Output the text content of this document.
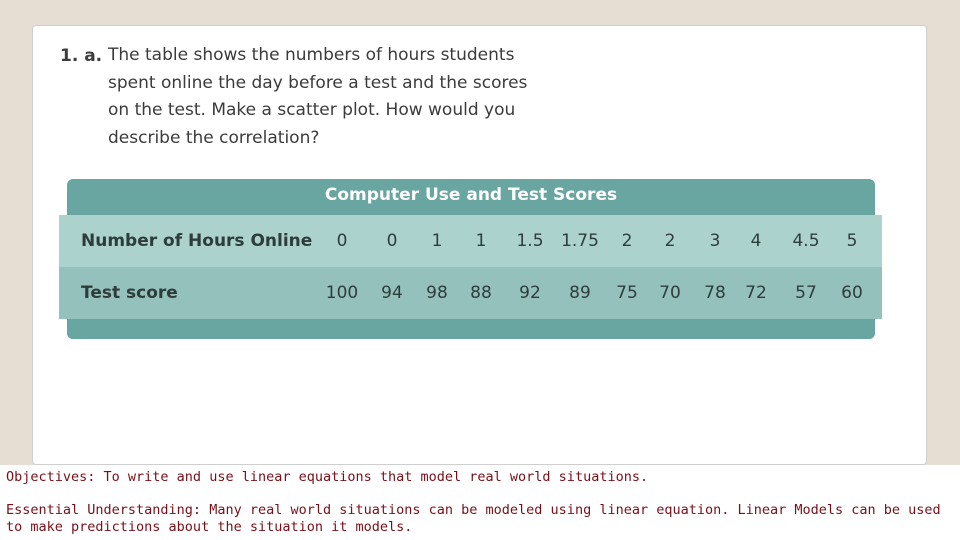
1. a. The table shows the numbers of hours students
spent online the day before a test and the scores
on the test. Make a scatter plot. How would you
describe the correlation?
Computer Use and Test Scores
Number of Hours Online	0	0	1	1	1.5	1.75	2	2	3	4	4.5	5
Test score	100	94	98	88	92	89	75	70	78	72	57	60
Objectives: To write and use linear equations that model real world situations.
Essential Understanding: Many real world situations can be modeled using linear equation. Linear Models can be used to make predictions about the situation it models.
